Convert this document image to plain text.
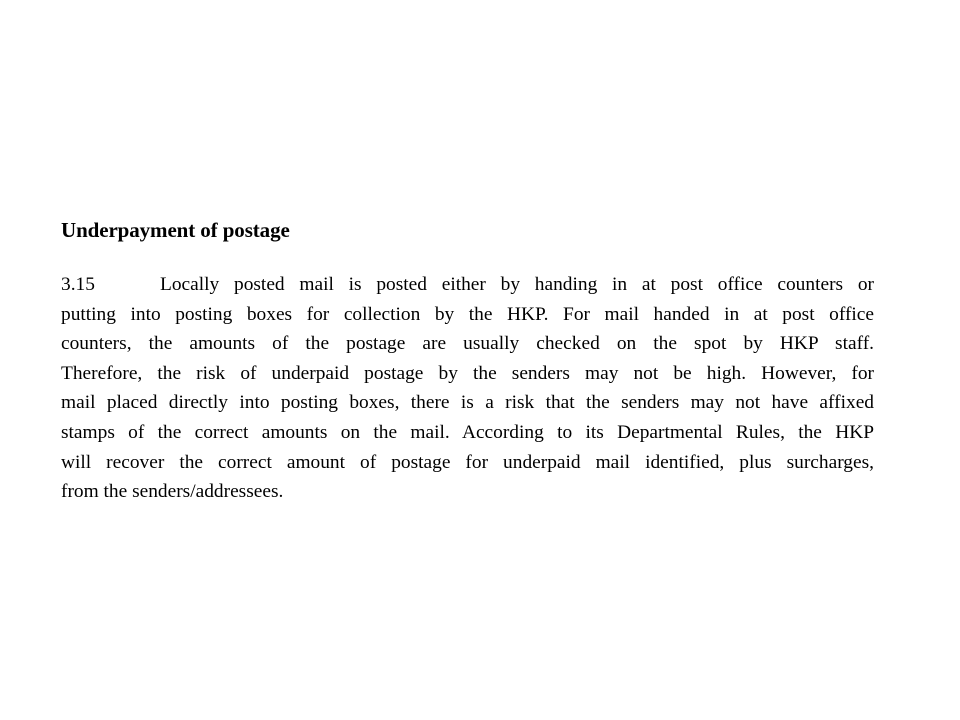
Underpayment of postage
3.15	Locally posted mail is posted either by handing in at post office counters or
putting into posting boxes for collection by the HKP. For mail handed in at post office
counters, the amounts of the postage are usually checked on the spot by HKP staff.
Therefore, the risk of underpaid postage by the senders may not be high. However, for
mail placed directly into posting boxes, there is a risk that the senders may not have affixed
stamps of the correct amounts on the mail. According to its Departmental Rules, the HKP
will recover the correct amount of postage for underpaid mail identified, plus surcharges,
from the senders/addressees.
